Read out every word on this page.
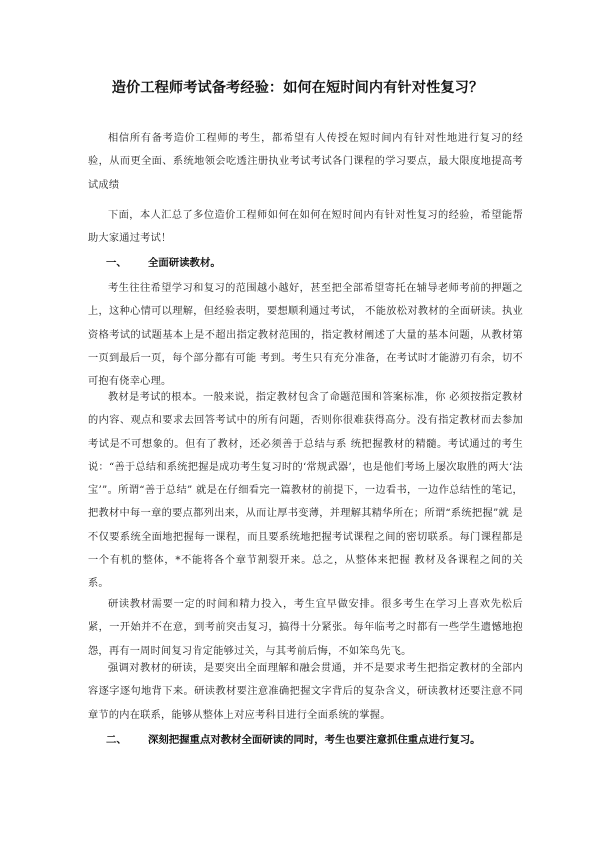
造价工程师考试备考经验：如何在短时间内有针对性复习？

相信所有备考造价工程师的考生，都希望有人传授在短时间内有针对性地进行复习的经验，从而更全面、系统地领会吃透注册执业考试考试各门课程的学习要点，最大限度地提高考试成绩

下面，本人汇总了多位造价工程师如何在如何在短时间内有针对性复习的经验，希望能帮助大家通过考试！

一、 全面研读教材。

考生往往希望学习和复习的范围越小越好，甚至把全部希望寄托在辅导老师考前的押题之上，这种心情可以理解，但经验表明，要想顺利通过考试， 不能放松对教材的全面研读。执业资格考试的试题基本上是不超出指定教材范围的，指定教材阐述了大量的基本问题，从教材第一页到最后一页，每个部分都有可能 考到。考生只有充分准备，在考试时才能游刃有余，切不可抱有侥幸心理。

教材是考试的根本。一般来说，指定教材包含了命题范围和答案标准，你 必须按指定教材的内容、观点和要求去回答考试中的所有问题，否则你很难获得高分。没有指定教材而去参加考试是不可想象的。但有了教材，还必须善于总结与系 统把握教材的精髓。考试通过的考生说：“善于总结和系统把握是成功考生复习时的‘常规武器’，也是他们考场上屡次取胜的两大‘法宝’”。所谓“善于总结” 就是在仔细看完一篇教材的前提下，一边看书，一边作总结性的笔记，把教材中每一章的要点都列出来，从而让厚书变薄，并理解其精华所在；所谓“系统把握”就 是不仅要系统全面地把握每一课程，而且要系统地把握考试课程之间的密切联系。每门课程都是一个有机的整体，*不能将各个章节割裂开来。总之，从整体来把握 教材及各课程之间的关系。

研读教材需要一定的时间和精力投入，考生宜早做安排。很多考生在学习上喜欢先松后紧，一开始并不在意，到考前突击复习，搞得十分紧张。每年临考之时都有一些学生遗憾地抱怨，再有一周时间复习肯定能够过关，与其考前后悔，不如笨鸟先飞。

强调对教材的研读，是要突出全面理解和融会贯通，并不是要求考生把指定教材的全部内容逐字逐句地背下来。研读教材要注意准确把握文字背后的复杂含义，研读教材还要注意不同章节的内在联系，能够从整体上对应考科目进行全面系统的掌握。

二、 深刻把握重点对教材全面研读的同时，考生也要注意抓住重点进行复习。
